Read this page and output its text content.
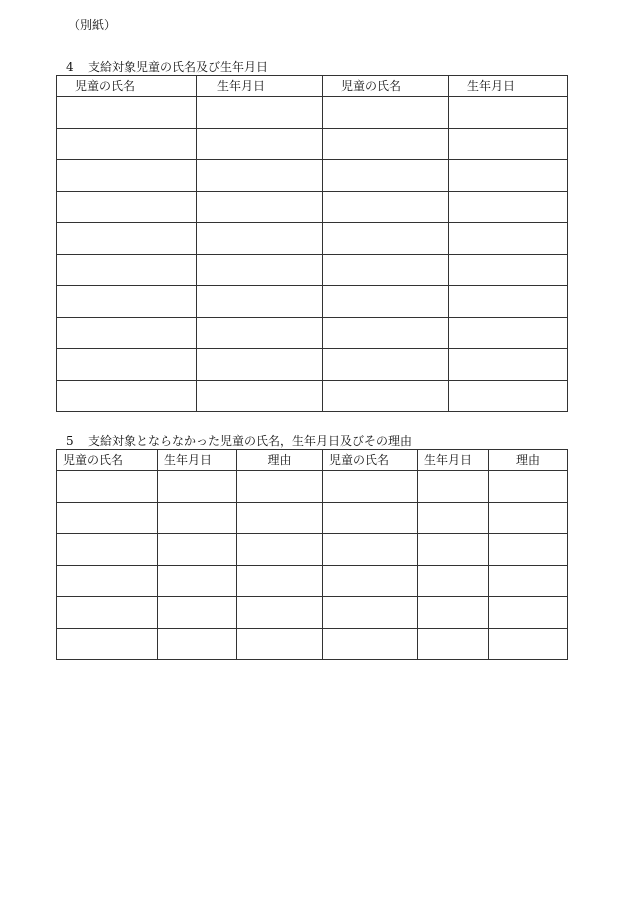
（別紙）
4 支給対象児童の氏名及び生年月日
児童の氏名	生年月日	児童の氏名	生年月日

5 支給対象とならなかった児童の氏名，生年月日及びその理由
児童の氏名	生年月日	理由	児童の氏名	生年月日	理由
